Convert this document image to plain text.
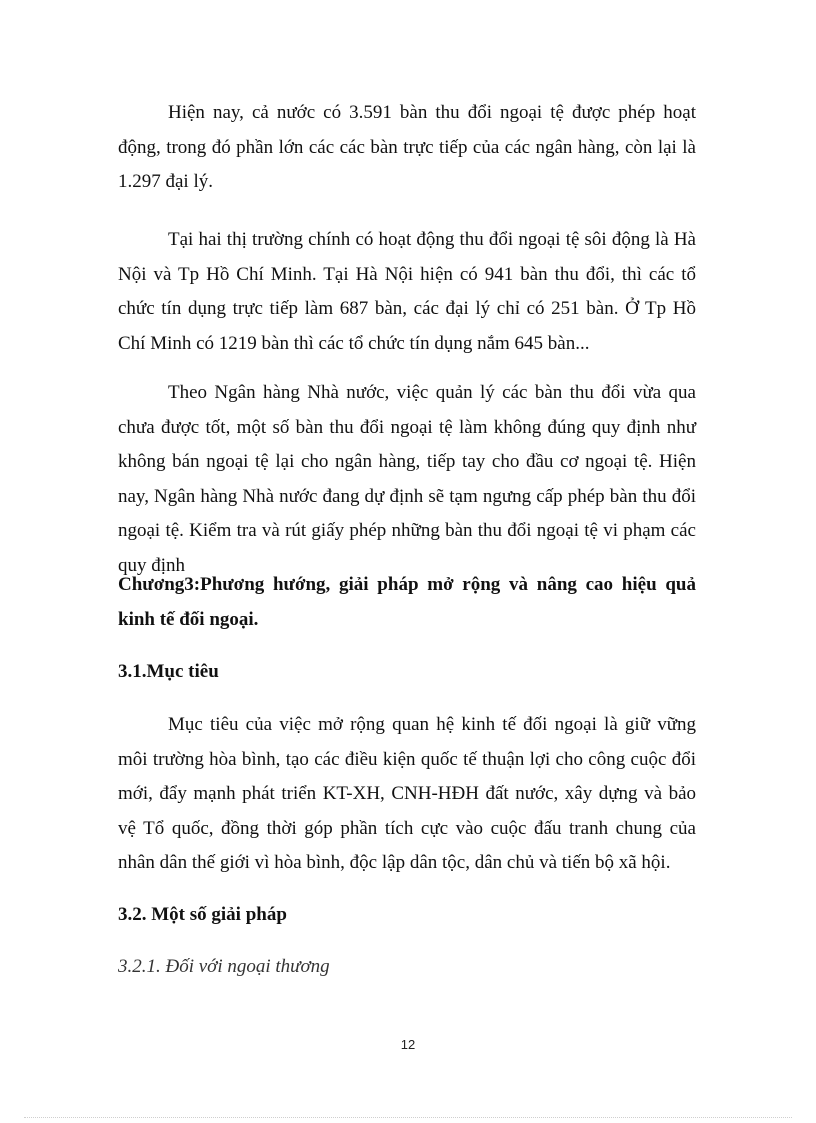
Hiện nay, cả nước có 3.591 bàn thu đổi ngoại tệ được phép hoạt động, trong đó phần lớn các các bàn trực tiếp của các ngân hàng, còn lại là 1.297 đại lý.

Tại hai thị trường chính có hoạt động thu đổi ngoại tệ sôi động là Hà Nội và Tp Hồ Chí Minh. Tại Hà Nội hiện có 941 bàn thu đổi, thì các tổ chức tín dụng trực tiếp làm 687 bàn, các đại lý chỉ có 251 bàn. Ở Tp Hồ Chí Minh có 1219 bàn thì các tổ chức tín dụng nắm 645 bàn...

Theo Ngân hàng Nhà nước, việc quản lý các bàn thu đổi vừa qua chưa được tốt, một số bàn thu đổi ngoại tệ làm không đúng quy định như không bán ngoại tệ lại cho ngân hàng, tiếp tay cho đầu cơ ngoại tệ. Hiện nay, Ngân hàng Nhà nước đang dự định sẽ tạm ngưng cấp phép bàn thu đổi ngoại tệ. Kiểm tra và rút giấy phép những bàn thu đổi ngoại tệ vi phạm các quy định

Chương3:Phương hướng, giải pháp mở rộng và nâng cao hiệu quả kinh tế đối ngoại.

3.1.Mục tiêu

Mục tiêu của việc mở rộng quan hệ kinh tế đối ngoại là giữ vững môi trường hòa bình, tạo các điều kiện quốc tế thuận lợi cho công cuộc đổi mới, đẩy mạnh phát triển KT-XH, CNH-HĐH đất nước, xây dựng và bảo vệ Tổ quốc, đồng thời góp phần tích cực vào cuộc đấu tranh chung của nhân dân thế giới vì hòa bình, độc lập dân tộc, dân chủ và tiến bộ xã hội.

3.2. Một số giải pháp

3.2.1. Đối với ngoại thương

12
